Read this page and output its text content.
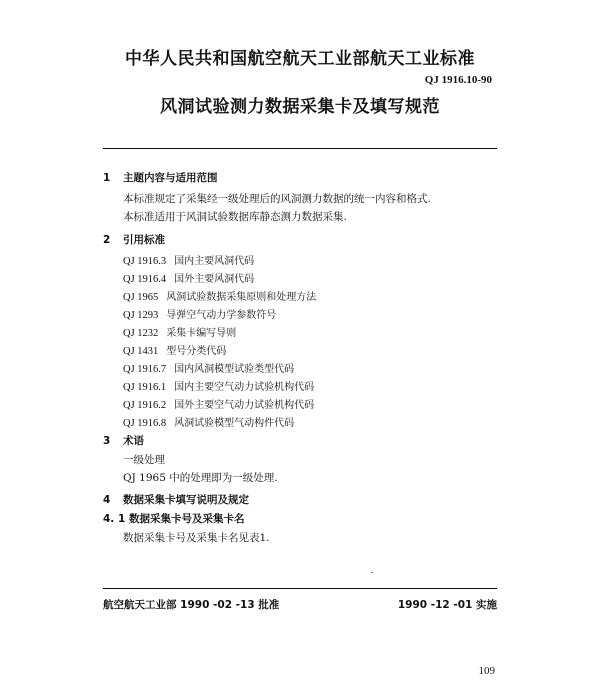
中华人民共和国航空航天工业部航天工业标准
QJ 1916.10-90
风洞试验测力数据采集卡及填写规范
1 主题内容与适用范围
本标准规定了采集经一级处理后的风洞测力数据的统一内容和格式.
本标准适用于风洞试验数据库静态测力数据采集.
2 引用标准
QJ 1916.3 国内主要风洞代码
QJ 1916.4 国外主要风洞代码
QJ 1965 风洞试验数据采集原则和处理方法
QJ 1293 导弹空气动力学参数符号
QJ 1232 采集卡编写导则
QJ 1431 型号分类代码
QJ 1916.7 国内风洞模型试验类型代码
QJ 1916.1 国内主要空气动力试验机构代码
QJ 1916.2 国外主要空气动力试验机构代码
QJ 1916.8 风洞试验模型气动构件代码
3 术语
一级处理
QJ 1965 中的处理即为一级处理.
4 数据采集卡填写说明及规定
4. 1 数据采集卡号及采集卡名
数据采集卡号及采集卡名见表1.
航空航天工业部 1990 -02 -13 批准	1990 -12 -01 实施
109
